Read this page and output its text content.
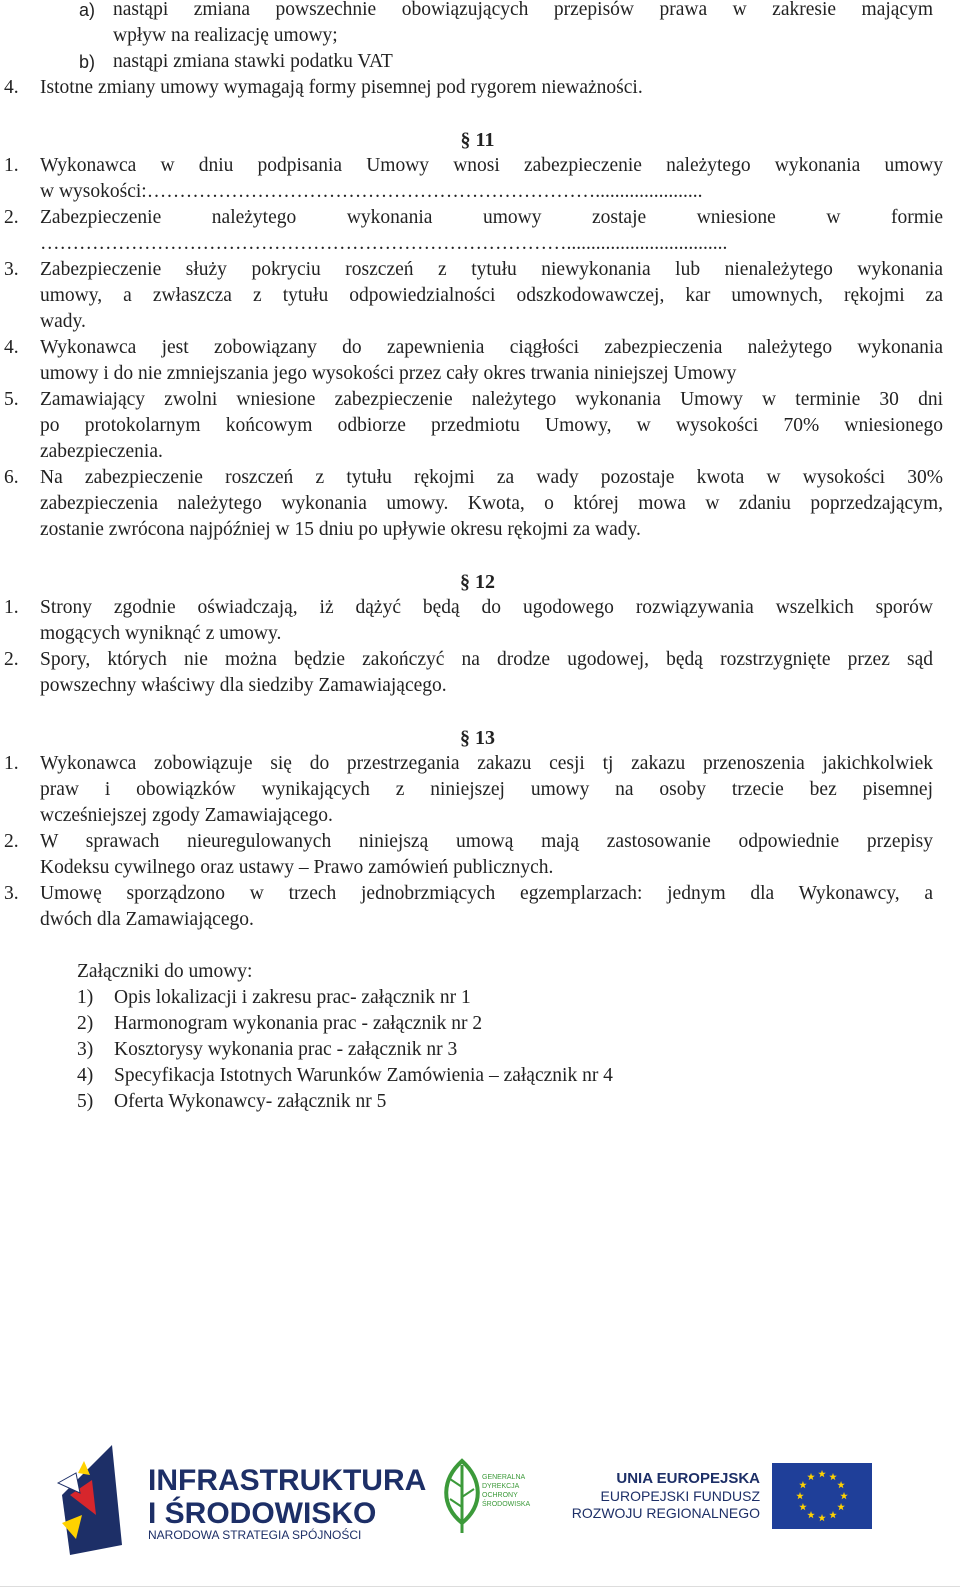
a) nastąpi zmiana powszechnie obowiązujących przepisów prawa w zakresie mającym
wpływ na realizację umowy;
b) nastąpi zmiana stawki podatku VAT
4. Istotne zmiany umowy wymagają formy pisemnej pod rygorem nieważności.
§ 11
1. Wykonawca w dniu podpisania Umowy wnosi zabezpieczenie należytego wykonania umowy
w wysokości:……………………………………………………………......................
2. Zabezpieczenie należytego wykonania umowy zostaje wniesione w formie
……………………………………………………………………….................................
3. Zabezpieczenie służy pokryciu roszczeń z tytułu niewykonania lub nienależytego wykonania
umowy, a zwłaszcza z tytułu odpowiedzialności odszkodowawczej, kar umownych, rękojmi za
wady.
4. Wykonawca jest zobowiązany do zapewnienia ciągłości zabezpieczenia należytego wykonania
umowy i do nie zmniejszania jego wysokości przez cały okres trwania niniejszej Umowy
5. Zamawiający zwolni wniesione zabezpieczenie należytego wykonania Umowy w terminie 30 dni
po protokolarnym końcowym odbiorze przedmiotu Umowy, w wysokości 70% wniesionego
zabezpieczenia.
6. Na zabezpieczenie roszczeń z tytułu rękojmi za wady pozostaje kwota w wysokości 30%
zabezpieczenia należytego wykonania umowy. Kwota, o której mowa w zdaniu poprzedzającym,
zostanie zwrócona najpóźniej w 15 dniu po upływie okresu rękojmi za wady.
§ 12
1. Strony zgodnie oświadczają, iż dążyć będą do ugodowego rozwiązywania wszelkich sporów
mogących wyniknąć z umowy.
2. Spory, których nie można będzie zakończyć na drodze ugodowej, będą rozstrzygnięte przez sąd
powszechny właściwy dla siedziby Zamawiającego.
§ 13
1. Wykonawca zobowiązuje się do przestrzegania zakazu cesji tj zakazu przenoszenia jakichkolwiek
praw i obowiązków wynikających z niniejszej umowy na osoby trzecie bez pisemnej
wcześniejszej zgody Zamawiającego.
2. W sprawach nieuregulowanych niniejszą umową mają zastosowanie odpowiednie przepisy
Kodeksu cywilnego oraz ustawy – Prawo zamówień publicznych.
3. Umowę sporządzono w trzech jednobrzmiących egzemplarzach: jednym dla Wykonawcy, a
dwóch dla Zamawiającego.
Załączniki do umowy:
1) Opis lokalizacji i zakresu prac- załącznik nr 1
2) Harmonogram wykonania prac - załącznik nr 2
3) Kosztorysy wykonania prac - załącznik nr 3
4) Specyfikacja Istotnych Warunków Zamówienia – załącznik nr 4
5) Oferta Wykonawcy- załącznik nr 5
INFRASTRUKTURA
I ŚRODOWISKO
NARODOWA STRATEGIA SPÓJNOŚCI
GENERALNA
DYREKCJA
OCHRONY
ŚRODOWISKA
UNIA EUROPEJSKA
EUROPEJSKI FUNDUSZ
ROZWOJU REGIONALNEGO
